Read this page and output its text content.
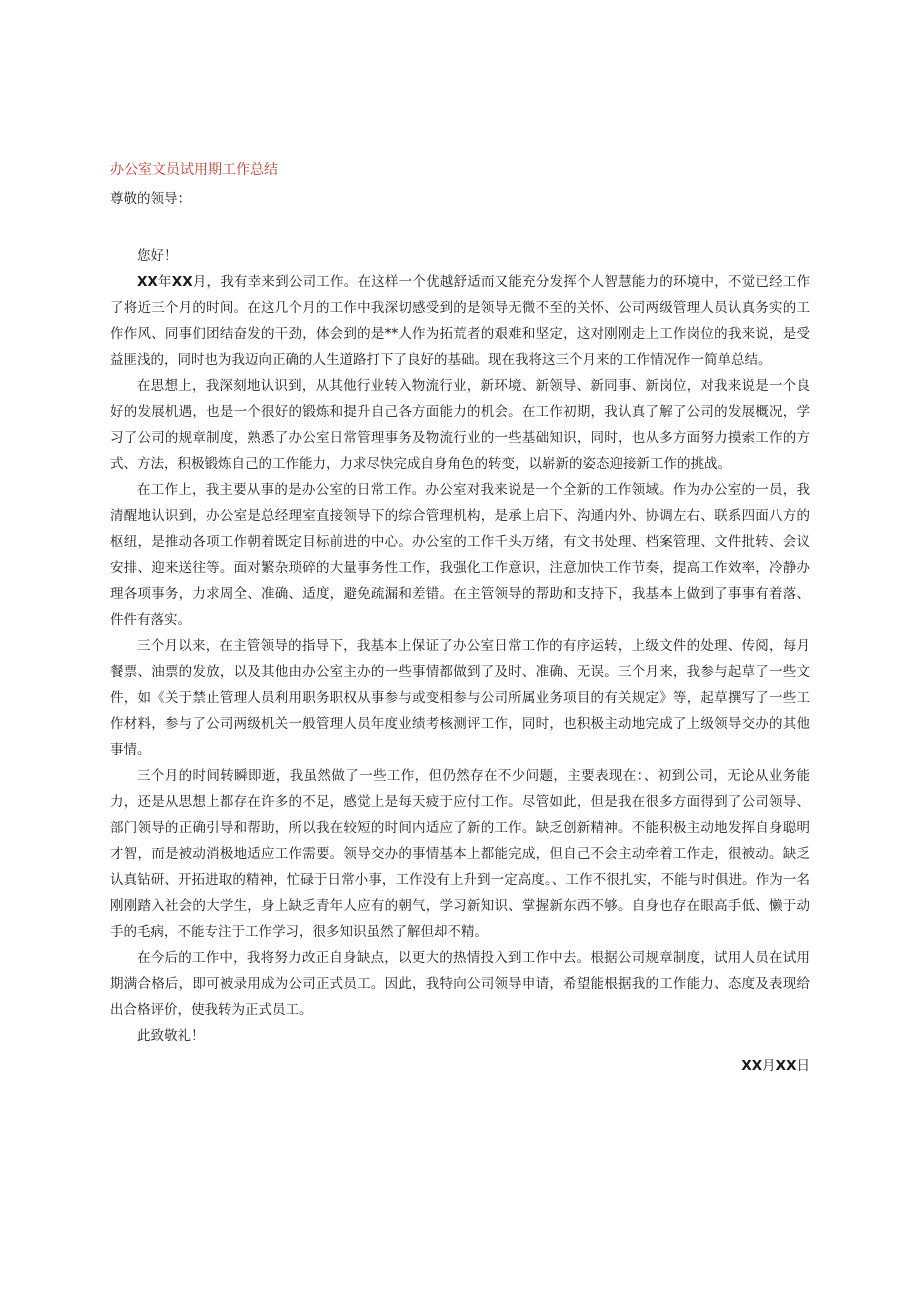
办公室文员试用期工作总结
尊敬的领导：

您好！

XX年XX月，我有幸来到公司工作。在这样一个优越舒适而又能充分发挥个人智慧能力的环境中，不觉已经工作了将近三个月的时间。在这几个月的工作中我深切感受到的是领导无微不至的关怀、公司两级管理人员认真务实的工作作风、同事们团结奋发的干劲，体会到的是**人作为拓荒者的艰难和坚定，这对刚刚走上工作岗位的我来说，是受益匪浅的，同时也为我迈向正确的人生道路打下了良好的基础。现在我将这三个月来的工作情况作一简单总结。

在思想上，我深刻地认识到，从其他行业转入物流行业，新环境、新领导、新同事、新岗位，对我来说是一个良好的发展机遇，也是一个很好的锻炼和提升自己各方面能力的机会。在工作初期，我认真了解了公司的发展概况，学习了公司的规章制度，熟悉了办公室日常管理事务及物流行业的一些基础知识，同时，也从多方面努力摸索工作的方式、方法，积极锻炼自己的工作能力，力求尽快完成自身角色的转变，以崭新的姿态迎接新工作的挑战。

在工作上，我主要从事的是办公室的日常工作。办公室对我来说是一个全新的工作领域。作为办公室的一员，我清醒地认识到，办公室是总经理室直接领导下的综合管理机构，是承上启下、沟通内外、协调左右、联系四面八方的枢纽，是推动各项工作朝着既定目标前进的中心。办公室的工作千头万绪，有文书处理、档案管理、文件批转、会议安排、迎来送往等。面对繁杂琐碎的大量事务性工作，我强化工作意识，注意加快工作节奏，提高工作效率，冷静办理各项事务，力求周全、准确、适度，避免疏漏和差错。在主管领导的帮助和支持下，我基本上做到了事事有着落、件件有落实。

三个月以来，在主管领导的指导下，我基本上保证了办公室日常工作的有序运转，上级文件的处理、传阅，每月餐票、油票的发放，以及其他由办公室主办的一些事情都做到了及时、准确、无误。三个月来，我参与起草了一些文件，如《关于禁止管理人员利用职务职权从事参与或变相参与公司所属业务项目的有关规定》等，起草撰写了一些工作材料，参与了公司两级机关一般管理人员年度业绩考核测评工作，同时，也积极主动地完成了上级领导交办的其他事情。

三个月的时间转瞬即逝，我虽然做了一些工作，但仍然存在不少问题，主要表现在：、初到公司，无论从业务能力，还是从思想上都存在许多的不足，感觉上是每天疲于应付工作。尽管如此，但是我在很多方面得到了公司领导、部门领导的正确引导和帮助，所以我在较短的时间内适应了新的工作。缺乏创新精神。不能积极主动地发挥自身聪明才智，而是被动消极地适应工作需要。领导交办的事情基本上都能完成，但自己不会主动牵着工作走，很被动。缺乏认真钻研、开拓进取的精神，忙碌于日常小事，工作没有上升到一定高度。、工作不很扎实，不能与时俱进。作为一名刚刚踏入社会的大学生，身上缺乏青年人应有的朝气，学习新知识、掌握新东西不够。自身也存在眼高手低、懒于动手的毛病，不能专注于工作学习，很多知识虽然了解但却不精。

在今后的工作中，我将努力改正自身缺点，以更大的热情投入到工作中去。根据公司规章制度，试用人员在试用期满合格后，即可被录用成为公司正式员工。因此，我特向公司领导申请，希望能根据我的工作能力、态度及表现给出合格评价，使我转为正式员工。

此致敬礼！

XX月XX日
